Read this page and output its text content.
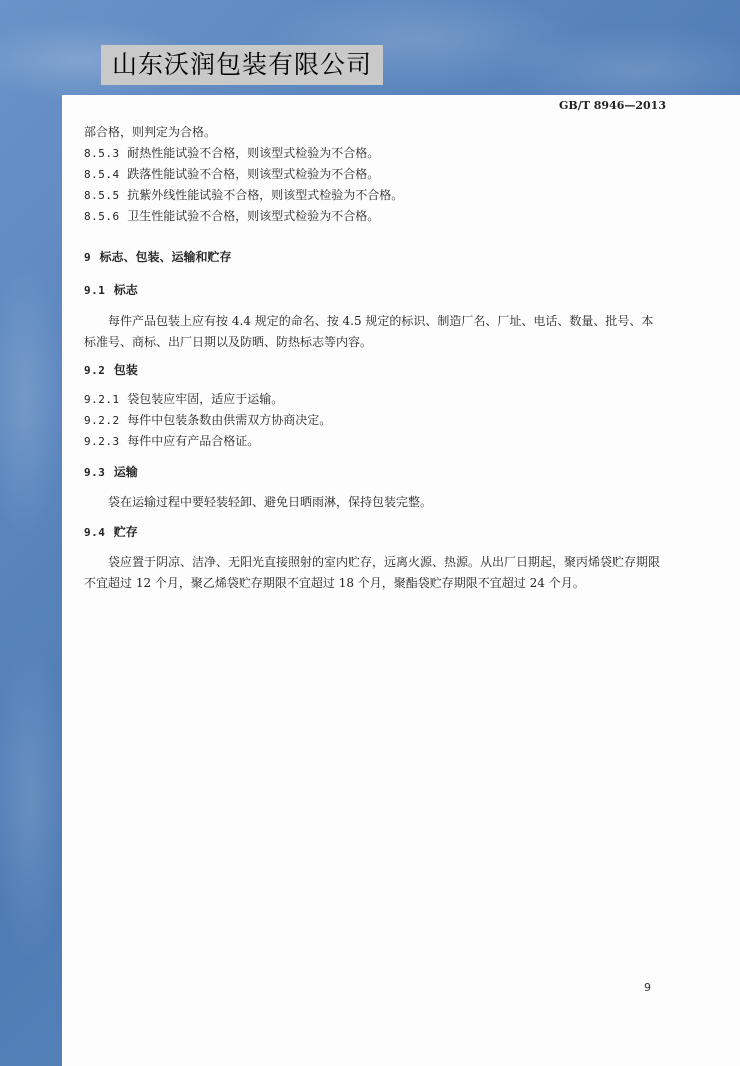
山东沃润包装有限公司
GB/T 8946—2013
部合格，则判定为合格。
8.5.3 耐热性能试验不合格，则该型式检验为不合格。
8.5.4 跌落性能试验不合格，则该型式检验为不合格。
8.5.5 抗紫外线性能试验不合格，则该型式检验为不合格。
8.5.6 卫生性能试验不合格，则该型式检验为不合格。
9 标志、包装、运输和贮存
9.1 标志
每件产品包装上应有按 4.4 规定的命名、按 4.5 规定的标识、制造厂名、厂址、电话、数量、批号、本标准号、商标、出厂日期以及防晒、防热标志等内容。
9.2 包装
9.2.1 袋包装应牢固，适应于运输。
9.2.2 每件中包装条数由供需双方协商决定。
9.2.3 每件中应有产品合格证。
9.3 运输
袋在运输过程中要轻装轻卸、避免日晒雨淋，保持包装完整。
9.4 贮存
袋应置于阴凉、洁净、无阳光直接照射的室内贮存，远离火源、热源。从出厂日期起，聚丙烯袋贮存期限不宜超过 12 个月，聚乙烯袋贮存期限不宜超过 18 个月，聚酯袋贮存期限不宜超过 24 个月。
9
